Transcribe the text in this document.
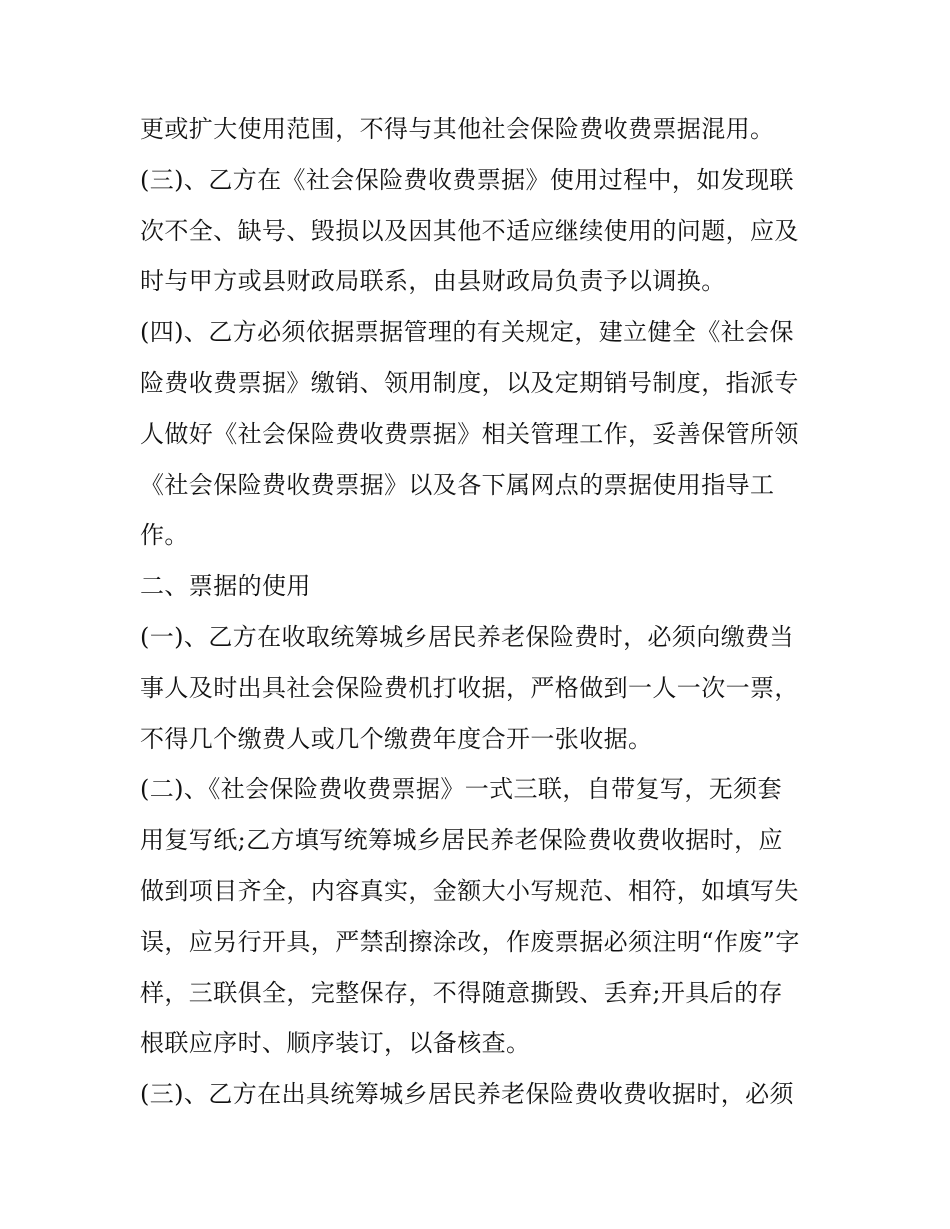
更或扩大使用范围，不得与其他社会保险费收费票据混用。
(三)、乙方在《社会保险费收费票据》使用过程中，如发现联
次不全、缺号、毁损以及因其他不适应继续使用的问题，应及
时与甲方或县财政局联系，由县财政局负责予以调换。
(四)、乙方必须依据票据管理的有关规定，建立健全《社会保
险费收费票据》缴销、领用制度，以及定期销号制度，指派专
人做好《社会保险费收费票据》相关管理工作，妥善保管所领
《社会保险费收费票据》以及各下属网点的票据使用指导工
作。
二、票据的使用
(一)、乙方在收取统筹城乡居民养老保险费时，必须向缴费当
事人及时出具社会保险费机打收据，严格做到一人一次一票，
不得几个缴费人或几个缴费年度合开一张收据。
(二)、《社会保险费收费票据》一式三联，自带复写，无须套
用复写纸;乙方填写统筹城乡居民养老保险费收费收据时，应
做到项目齐全，内容真实，金额大小写规范、相符，如填写失
误，应另行开具，严禁刮擦涂改，作废票据必须注明“作废”字
样，三联俱全，完整保存，不得随意撕毁、丢弃;开具后的存
根联应序时、顺序装订，以备核查。
(三)、乙方在出具统筹城乡居民养老保险费收费收据时，必须
